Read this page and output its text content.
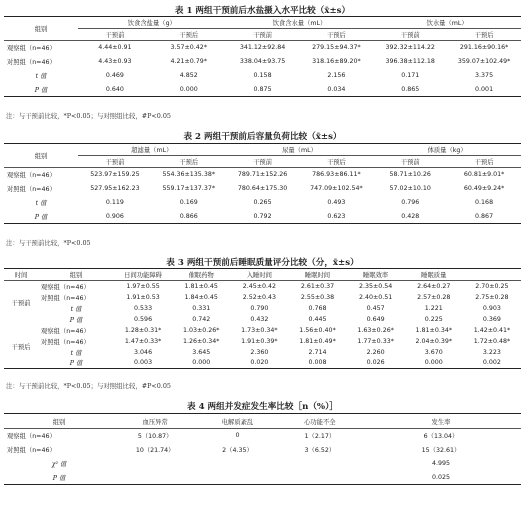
表 1 两组干预前后水盐摄入水平比较（x̄±s）
组别	饮食含盐量（g）		饮食含水量（mL）		饮水量（mL）	
	干预前	干预后	干预前	干预后	干预前	干预后
观察组（n=46）	4.44±0.91	3.57±0.42*	341.12±92.84	279.15±94.37*	392.32±114.22	291.16±90.16*
对照组（n=46）	4.43±0.93	4.21±0.79*	338.04±93.75	318.16±89.20*	396.38±112.18	359.07±102.49*
t 值	0.469	4.852	0.158	2.156	0.171	3.375
P 值	0.640	0.000	0.875	0.034	0.865	0.001
注：与干预前比较，*P<0.05；与对照组比较，#P<0.05
表 2 两组干预前后容量负荷比较（x̄±s）
组别	超滤量（mL）		尿量（mL）		体质量（kg）	
	干预前	干预后	干预前	干预后	干预前	干预后
观察组（n=46）	523.97±159.25	554.36±135.38*	789.71±152.26	786.93±86.11*	58.71±10.26	60.81±9.01*
对照组（n=46）	527.95±162.23	559.17±137.37*	780.64±175.30	747.09±102.54*	57.02±10.10	60.49±9.24*
t 值	0.119	0.169	0.265	0.493	0.796	0.168
P 值	0.906	0.866	0.792	0.623	0.428	0.867
注：与干预前比较，*P<0.05
表 3 两组干预前后睡眠质量评分比较（分，x̄±s）
时间	组别	日间功能障碍	催眠药物	入睡时间	睡眠时间	睡眠效率	睡眠质量	
干预前	观察组（n=46）	1.97±0.55	1.81±0.45	2.45±0.42	2.61±0.37	2.35±0.54	2.64±0.27	2.70±0.25
	对照组（n=46）	1.91±0.53	1.84±0.45	2.52±0.43	2.55±0.38	2.40±0.51	2.57±0.28	2.75±0.28
	t 值	0.533	0.331	0.790	0.768	0.457	1.221	0.903
	P 值	0.596	0.742	0.432	0.445	0.649	0.225	0.369
干预后	观察组（n=46）	1.28±0.31*	1.03±0.26*	1.73±0.34*	1.56±0.40*	1.63±0.26*	1.81±0.34*	1.42±0.41*
	对照组（n=46）	1.47±0.33*	1.26±0.34*	1.91±0.39*	1.81±0.49*	1.77±0.33*	2.04±0.39*	1.72±0.48*
	t 值	3.046	3.645	2.360	2.714	2.260	3.670	3.223
	P 值	0.003	0.000	0.020	0.008	0.026	0.000	0.002
注：与干预前比较，*P<0.05；与对照组比较，#P<0.05
表 4 两组并发症发生率比较［n（%）］
组别	血压异常	电解质紊乱	心功能不全	发生率
观察组（n=46）	5（10.87）	0	1（2.17）	6（13.04）
对照组（n=46）	10（21.74）	2（4.35）	3（6.52）	15（32.61）
χ² 值				4.995
P 值				0.025
